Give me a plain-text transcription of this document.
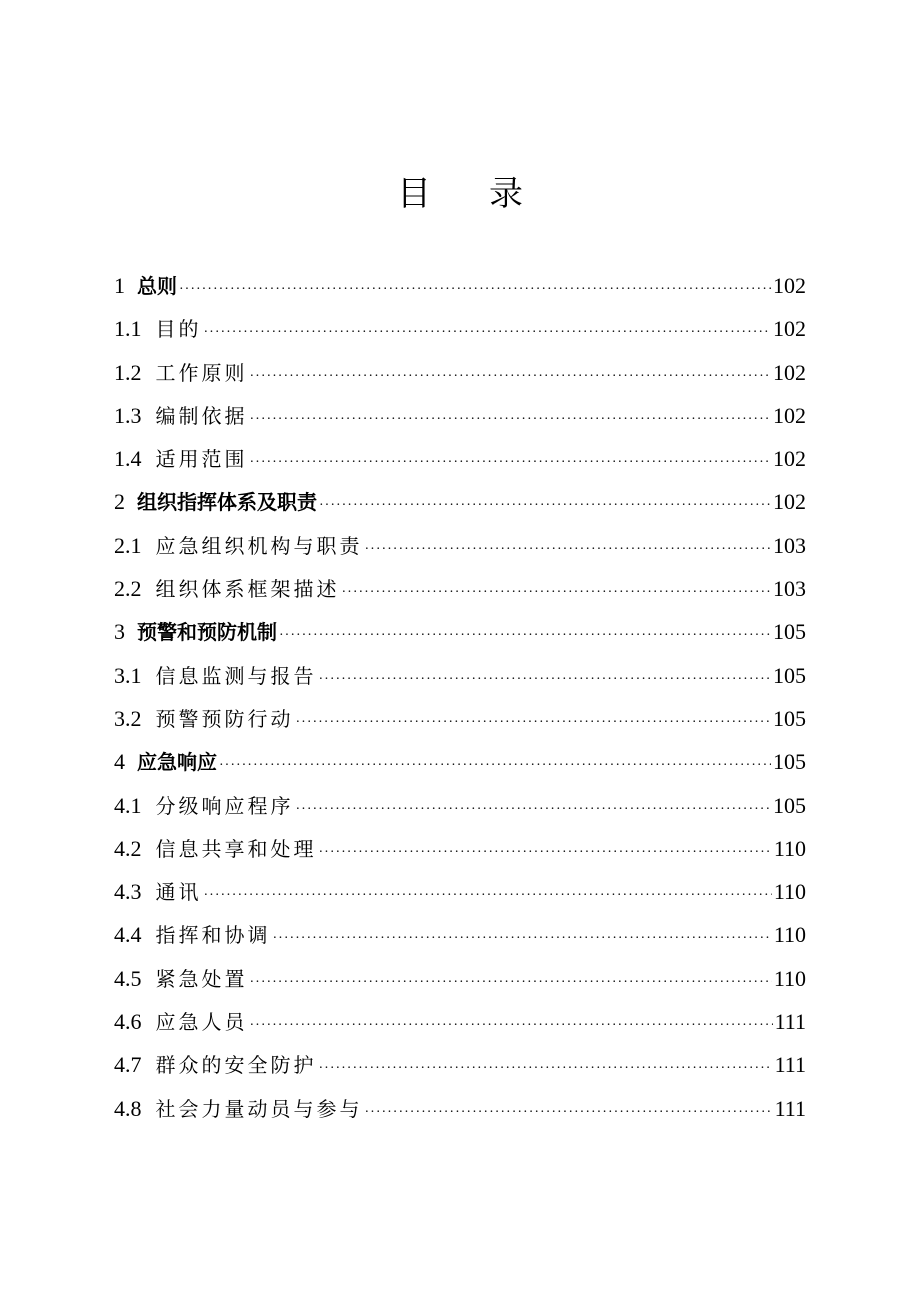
目录
1 总则 ·····	102
1.1 目的 ·····	102
1.2 工作原则 ·····	102
1.3 编制依据 ·····	102
1.4 适用范围 ·····	102
2 组织指挥体系及职责 ·····	102
2.1 应急组织机构与职责 ·····	103
2.2 组织体系框架描述 ·····	103
3 预警和预防机制 ·····	105
3.1 信息监测与报告 ·····	105
3.2 预警预防行动 ·····	105
4 应急响应 ·····	105
4.1 分级响应程序 ·····	105
4.2 信息共享和处理 ·····	110
4.3 通讯 ·····	110
4.4 指挥和协调 ·····	110
4.5 紧急处置 ·····	110
4.6 应急人员 ·····	111
4.7 群众的安全防护 ·····	111
4.8 社会力量动员与参与 ·····	111
